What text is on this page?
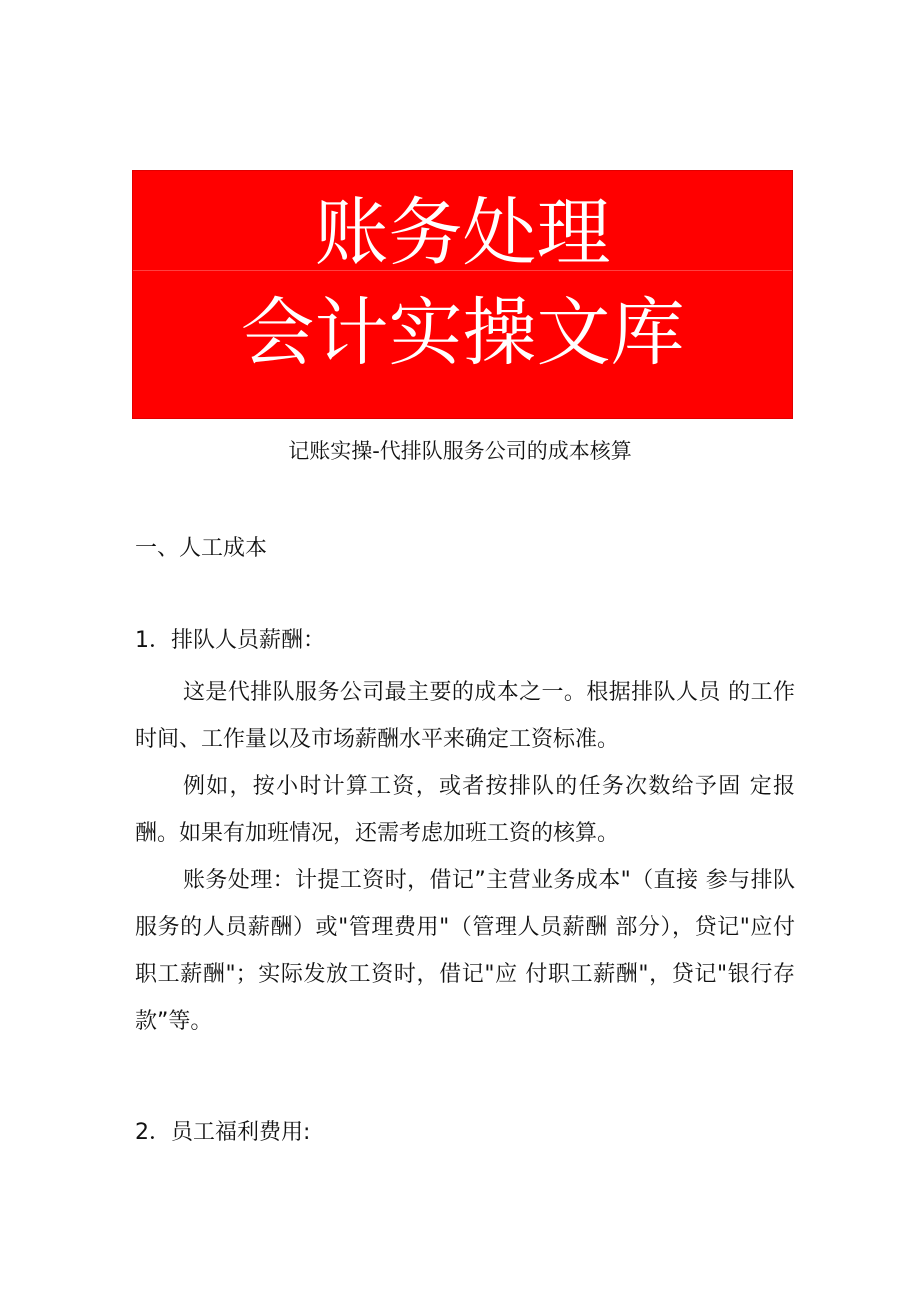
账务处理
会计实操文库
记账实操-代排队服务公司的成本核算
一、人工成本
1．排队人员薪酬：

这是代排队服务公司最主要的成本之一。根据排队人员 的工作时间、工作量以及市场薪酬水平来确定工资标准。

例如，按小时计算工资，或者按排队的任务次数给予固 定报酬。如果有加班情况，还需考虑加班工资的核算。

账务处理：计提工资时，借记”主营业务成本"（直接 参与排队服务的人员薪酬）或"管理费用"（管理人员薪酬 部分），贷记"应付职工薪酬"；实际发放工资时，借记"应 付职工薪酬"，贷记"银行存款”等。

2．员工福利费用:
